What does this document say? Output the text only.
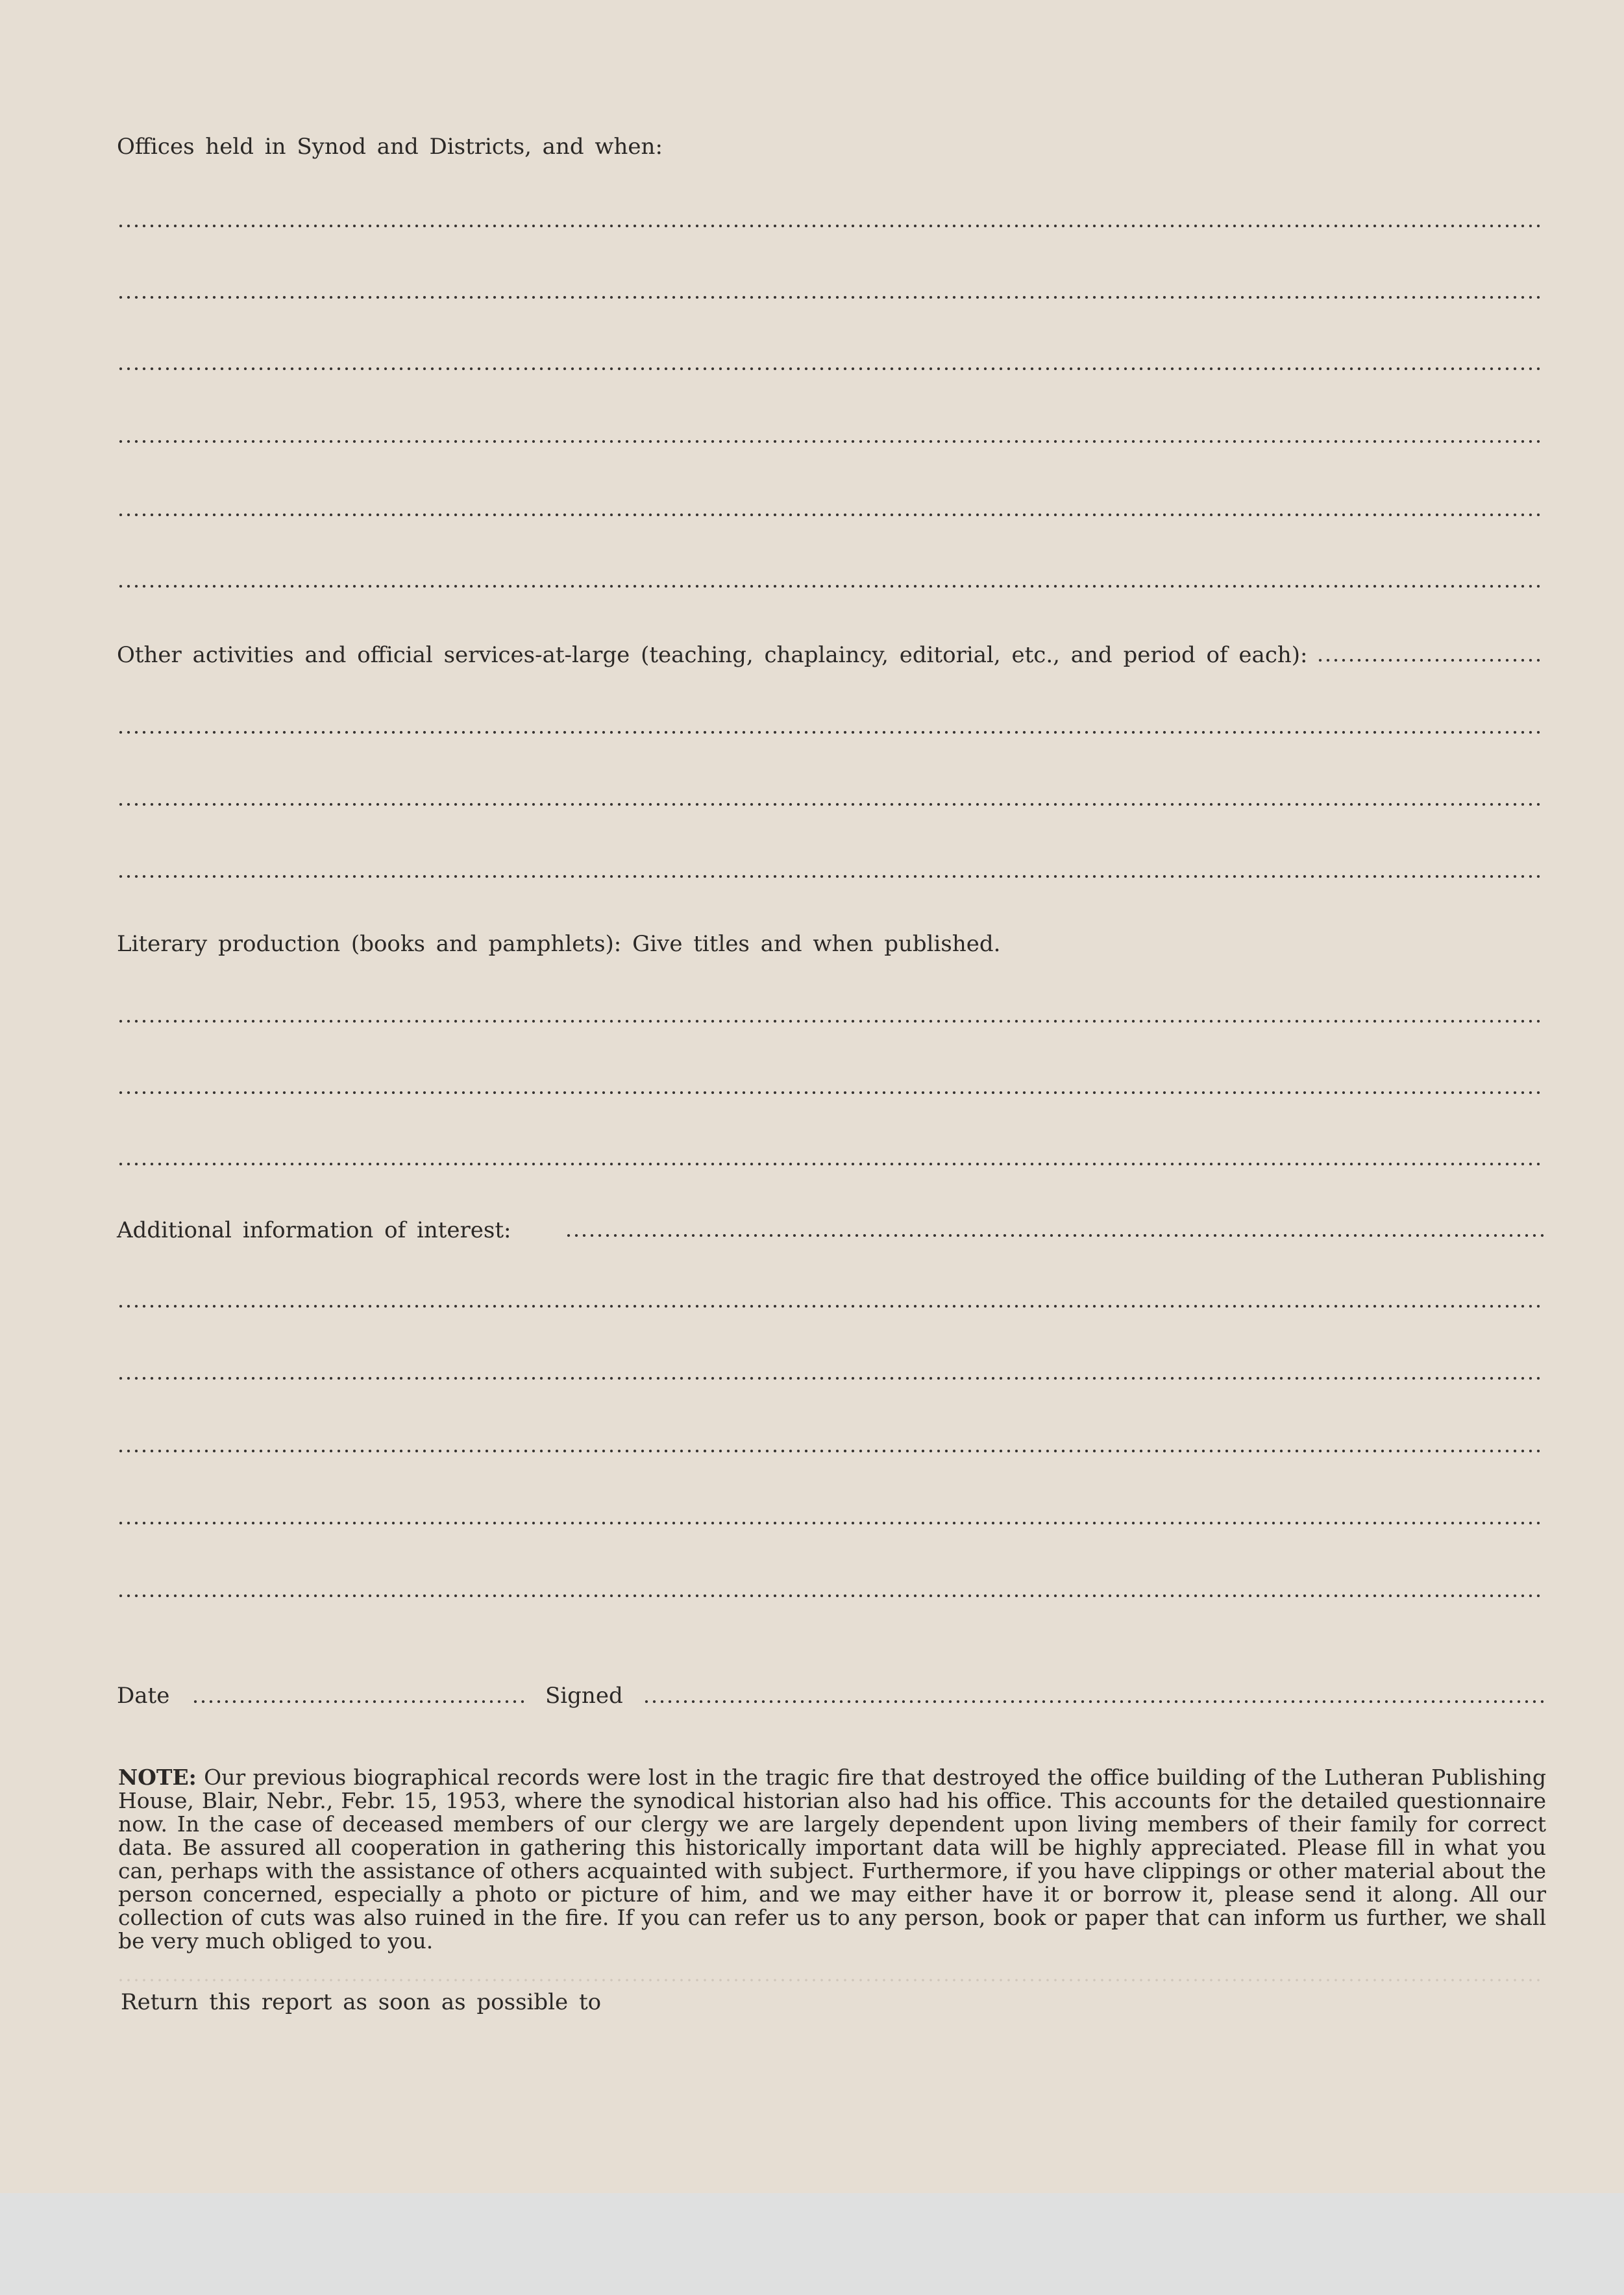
Offices held in Synod and Districts, and when:
Other activities and official services-at-large (teaching, chaplaincy, editorial, etc., and period of each):
Literary production (books and pamphlets): Give titles and when published.
Additional information of interest:
Date	Signed

NOTE: Our previous biographical records were lost in the tragic fire that destroyed the office building of the Lutheran Publishing House, Blair, Nebr., Febr. 15, 1953, where the synodical historian also had his office. This accounts for the detailed questionnaire now. In the case of deceased members of our clergy we are largely dependent upon living members of their family for correct data. Be assured all cooperation in gathering this historically important data will be highly appreciated. Please fill in what you can, perhaps with the assistance of others acquainted with subject. Furthermore, if you have clippings or other material about the person concerned, especially a photo or picture of him, and we may either have it or borrow it, please send it along. All our collection of cuts was also ruined in the fire. If you can refer us to any person, book or paper that can inform us further, we shall be very much obliged to you.

Return this report as soon as possible to
